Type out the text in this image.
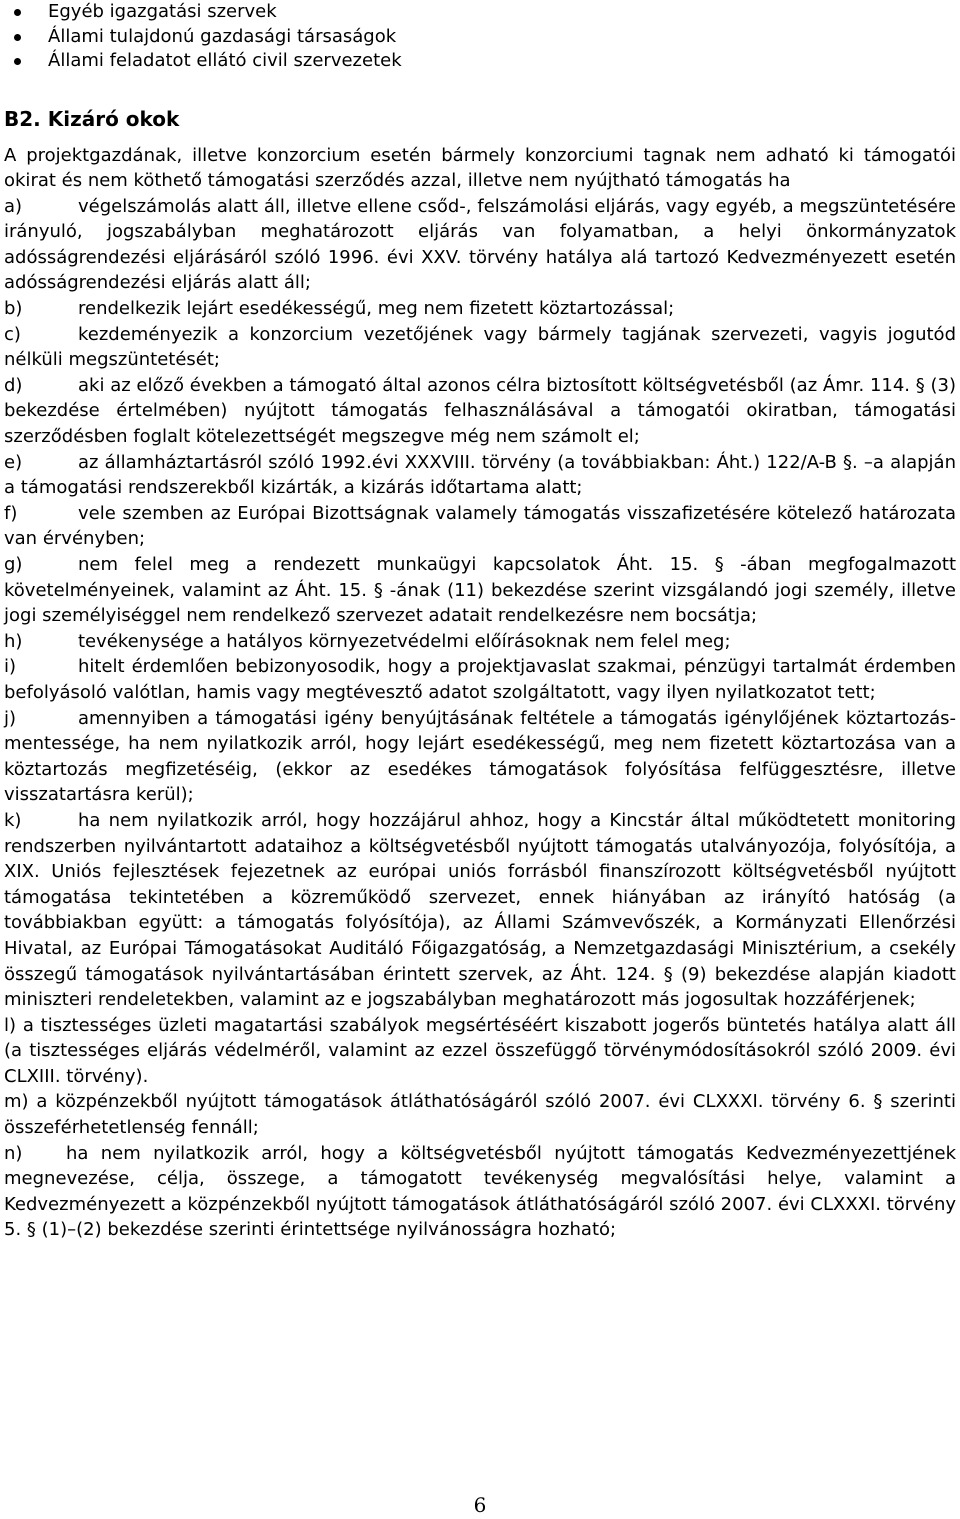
Egyéb igazgatási szervek
Állami tulajdonú gazdasági társaságok
Állami feladatot ellátó civil szervezetek
B2. Kizáró okok

A projektgazdának, illetve konzorcium esetén bármely konzorciumi tagnak nem adható ki támogatói okirat és nem köthető támogatási szerződés azzal, illetve nem nyújtható támogatás ha

a)	végelszámolás alatt áll, illetve ellene csőd-, felszámolási eljárás, vagy egyéb, a megszüntetésére irányuló, jogszabályban meghatározott eljárás van folyamatban, a helyi önkormányzatok adósságrendezési eljárásáról szóló 1996. évi XXV. törvény hatálya alá tartozó Kedvezményezett esetén adósságrendezési eljárás alatt áll;

b)	rendelkezik lejárt esedékességű, meg nem fizetett köztartozással;

c)	kezdeményezik a konzorcium vezetőjének vagy bármely tagjának szervezeti, vagyis jogutód nélküli megszüntetését;

d)	aki az előző években a támogató által azonos célra biztosított költségvetésből (az Ámr. 114. § (3) bekezdése értelmében) nyújtott támogatás felhasználásával a támogatói okiratban, támogatási szerződésben foglalt kötelezettségét megszegve még nem számolt el;

e)	az államháztartásról szóló 1992.évi XXXVIII. törvény (a továbbiakban: Áht.) 122/A-B §. –a alapján a támogatási rendszerekből kizárták, a kizárás időtartama alatt;

f)	vele szemben az Európai Bizottságnak valamely támogatás visszafizetésére kötelező határozata van érvényben;

g)	nem felel meg a rendezett munkaügyi kapcsolatok Áht. 15. § -ában megfogalmazott követelményeinek, valamint az Áht. 15. § -ának (11) bekezdése szerint vizsgálandó jogi személy, illetve jogi személyiséggel nem rendelkező szervezet adatait rendelkezésre nem bocsátja;

h)	tevékenysége a hatályos környezetvédelmi előírásoknak nem felel meg;

i)	hitelt érdemlően bebizonyosodik, hogy a projektjavaslat szakmai, pénzügyi tartalmát érdemben befolyásoló valótlan, hamis vagy megtévesztő adatot szolgáltatott, vagy ilyen nyilatkozatot tett;

j)	amennyiben a támogatási igény benyújtásának feltétele a támogatás igénylőjének köztartozás-mentessége, ha nem nyilatkozik arról, hogy lejárt esedékességű, meg nem fizetett köztartozása van a köztartozás megfizetéséig, (ekkor az esedékes támogatások folyósítása felfüggesztésre, illetve visszatartásra kerül);

k)	ha nem nyilatkozik arról, hogy hozzájárul ahhoz, hogy a Kincstár által működtetett monitoring rendszerben nyilvántartott adataihoz a költségvetésből nyújtott támogatás utalványozója, folyósítója, a XIX. Uniós fejlesztések fejezetnek az európai uniós forrásból finanszírozott költségvetésből nyújtott támogatása tekintetében a közreműködő szervezet, ennek hiányában az irányító hatóság (a továbbiakban együtt: a támogatás folyósítója), az Állami Számvevőszék, a Kormányzati Ellenőrzési Hivatal, az Európai Támogatásokat Auditáló Főigazgatóság, a Nemzetgazdasági Minisztérium, a csekély összegű támogatások nyilvántartásában érintett szervek, az Áht. 124. § (9) bekezdése alapján kiadott miniszteri rendeletekben, valamint az e jogszabályban meghatározott más jogosultak hozzáférjenek;

l) a tisztességes üzleti magatartási szabályok megsértéséért kiszabott jogerős büntetés hatálya alatt áll (a tisztességes eljárás védelméről, valamint az ezzel összefüggő törvénymódosításokról szóló 2009. évi CLXIII. törvény).

m) a közpénzekből nyújtott támogatások átláthatóságáról szóló 2007. évi CLXXXI. törvény 6. § szerinti összeférhetetlenség fennáll;

n) ha nem nyilatkozik arról, hogy a költségvetésből nyújtott támogatás Kedvezményezettjének megnevezése, célja, összege, a támogatott tevékenység megvalósítási helye, valamint a Kedvezményezett a közpénzekből nyújtott támogatások átláthatóságáról szóló 2007. évi CLXXXI. törvény 5. § (1)–(2) bekezdése szerinti érintettsége nyilvánosságra hozható;

6
